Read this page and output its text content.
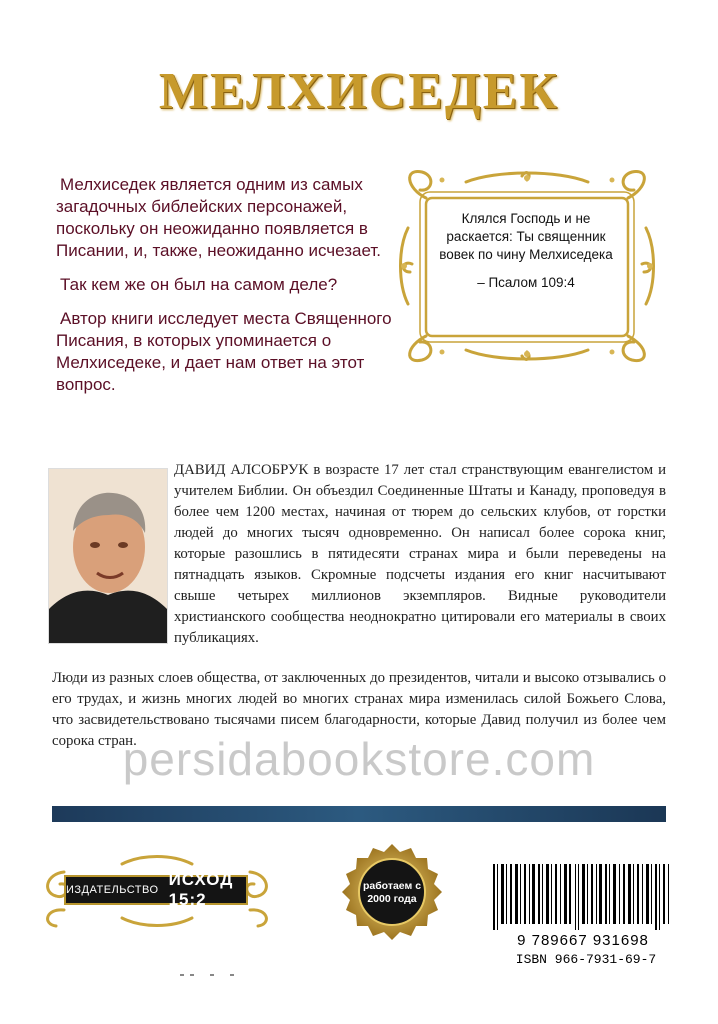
МЕЛХИСЕДЕК

Мелхиседек является одним из самых загадочных библейских персонажей, поскольку он неожиданно появляется в Писании, и, также, неожиданно исчезает.

Так кем же он был на самом деле?

Автор книги исследует места Священного Писания, в которых упоминается о Мелхиседеке, и дает нам ответ на этот вопрос.

Клялся Господь и не раскается: Ты священник вовек по чину Мелхиседека
– Псалом 109:4
ДАВИД АЛСОБРУК в возрасте 17 лет стал странствующим евангелистом и учителем Библии. Он объездил Соединенные Штаты и Канаду, проповедуя в более чем 1200 местах, начиная от тюрем до сельских клубов, от горстки людей до многих тысяч одновременно. Он написал более сорока книг, которые разошлись в пятидесяти странах мира и были переведены на пятнадцать языков. Скромные подсчеты издания его книг насчитывают свыше четырех миллионов экземпляров. Видные руководители христианского сообщества неоднократно цитировали его материалы в своих публикациях.
Люди из разных слоев общества, от заключенных до президентов, читали и высоко отзывались о его трудах, и жизнь многих людей во многих странах мира изменилась силой Божьего Слова, что засвидетельствовано тысячами писем благодарности, которые Давид получил из более чем сорока стран.
persidabookstore.com
ИЗДАТЕЛЬСТВО
ИСХОД 15:2
работаем с
2000 года
9 789667 931698
ISBN 966-7931-69-7
